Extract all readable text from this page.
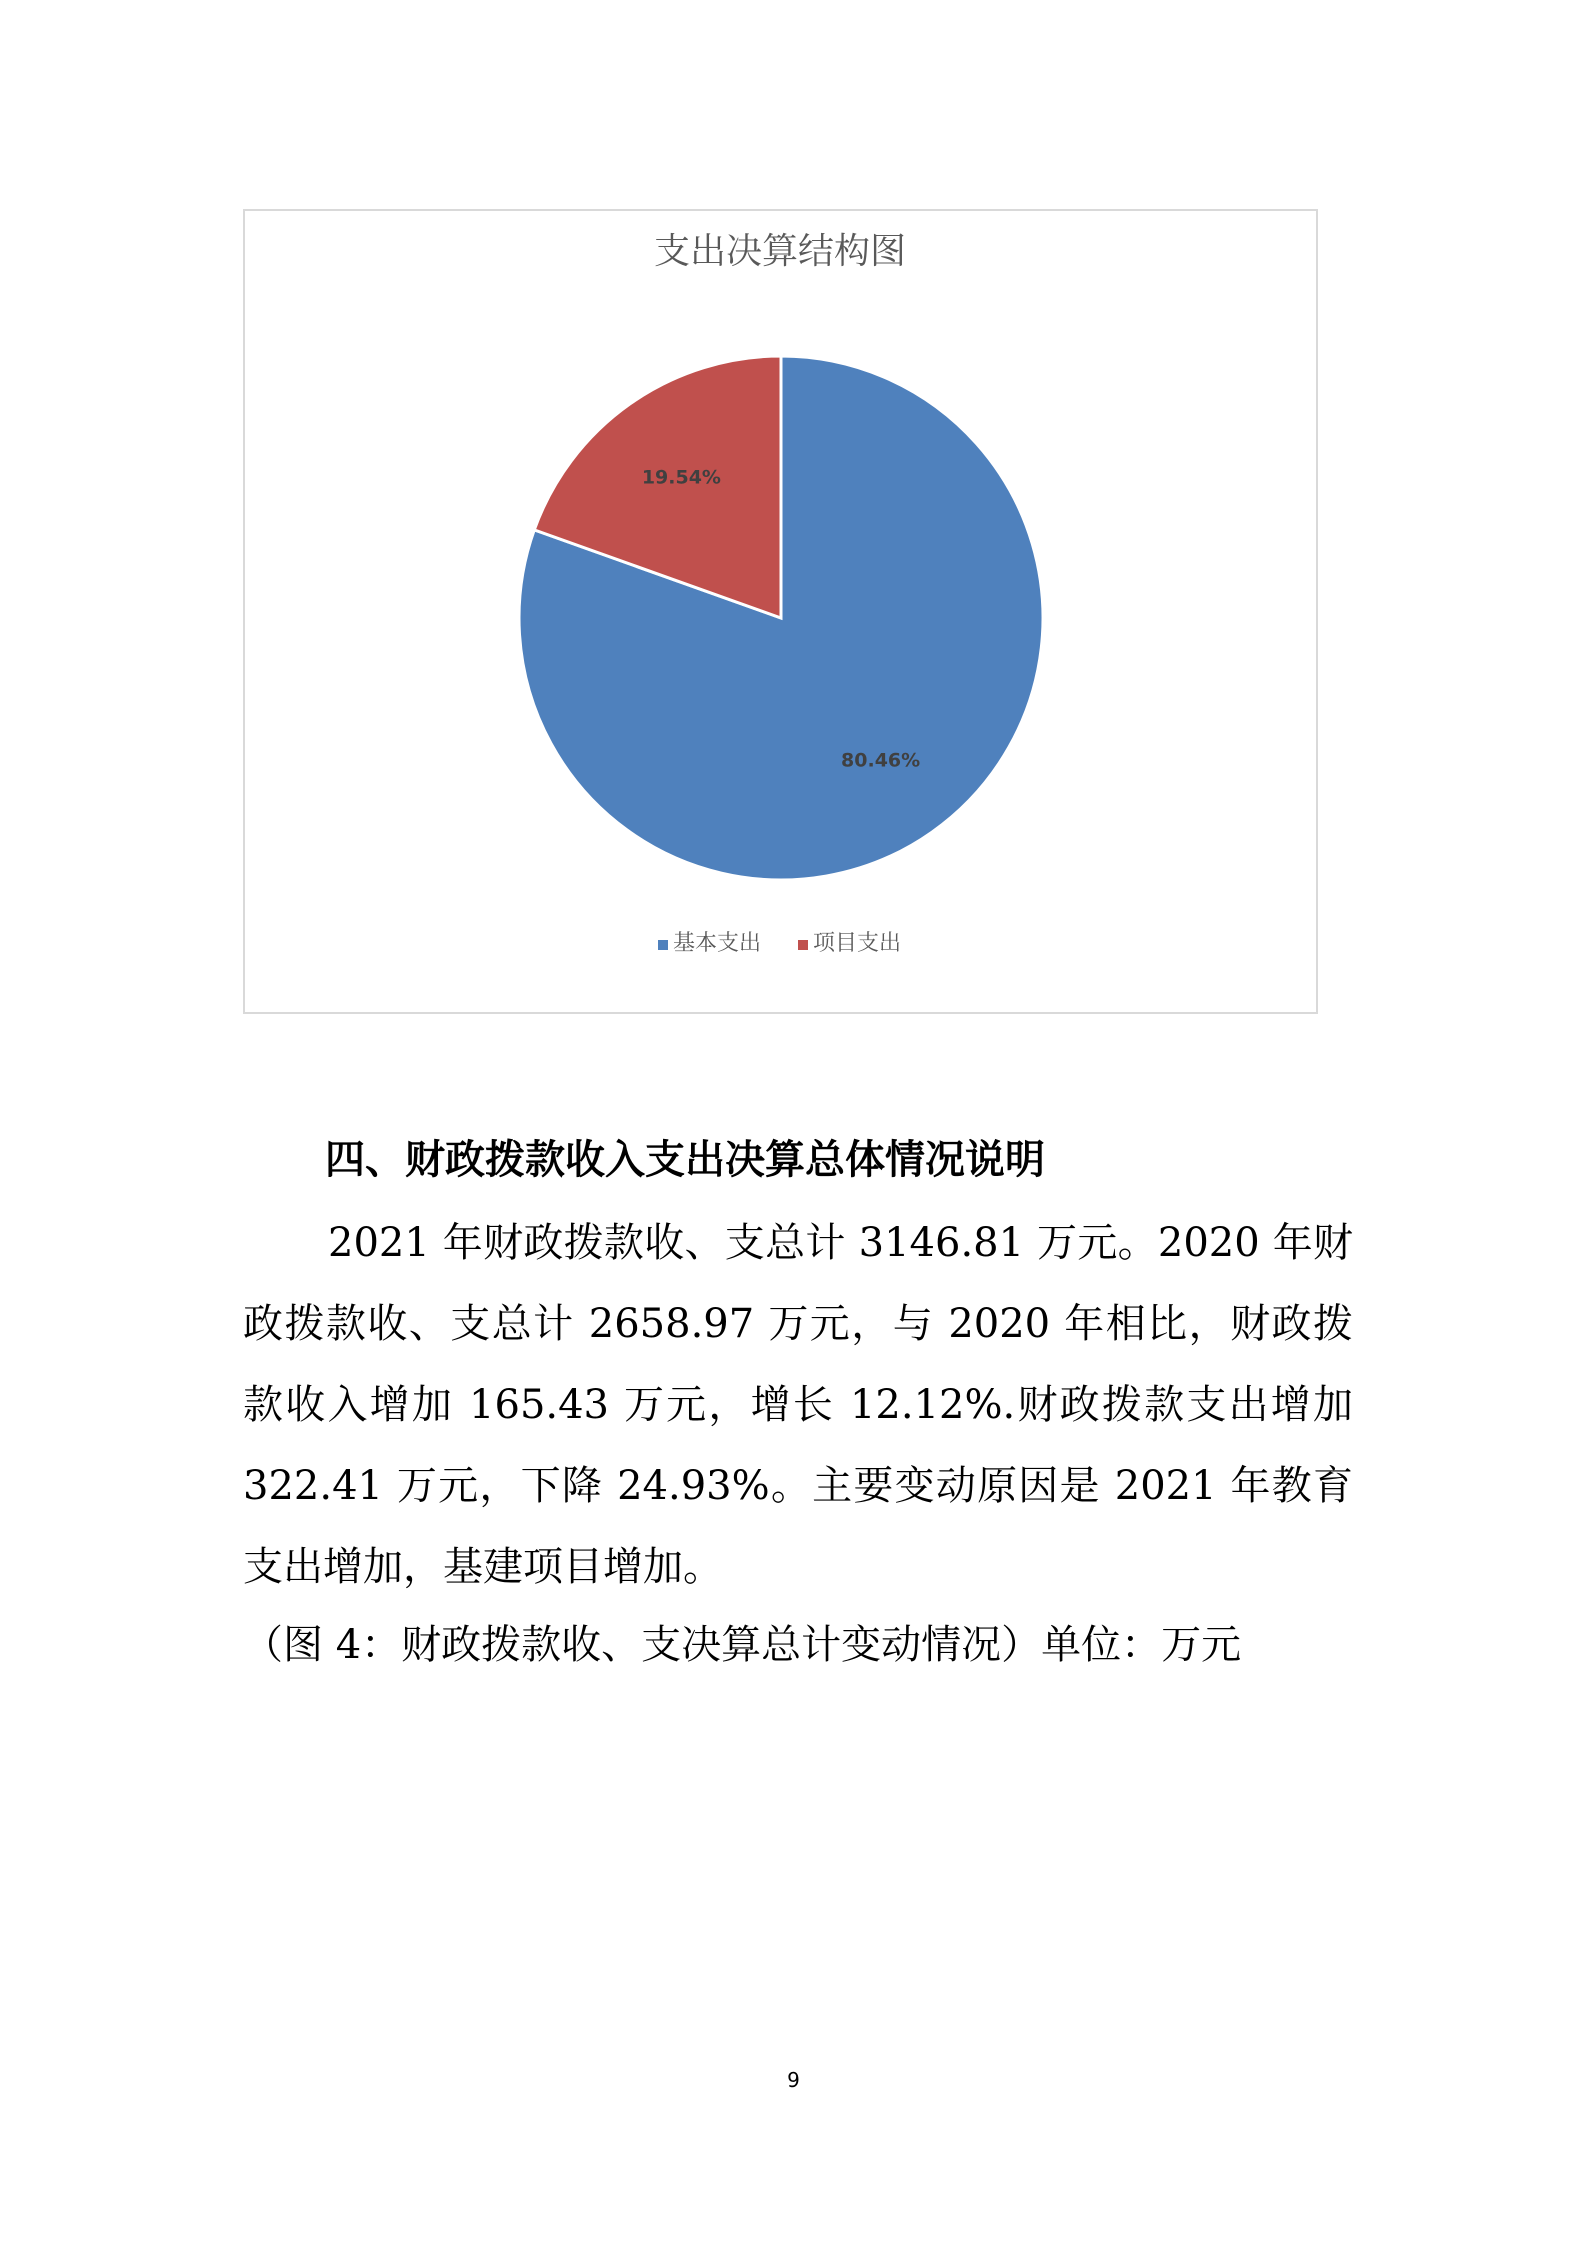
支出决算结构图
80.46%
19.54%
基本支出 项目支出
四、财政拨款收入支出决算总体情况说明

2021 年财政拨款收、支总计 3146.81 万元。2020 年财政拨款收、支总计 2658.97 万元，与 2020 年相比，财政拨款收入增加 165.43 万元，增长 12.12%.财政拨款支出增加 322.41 万元，下降 24.93%。主要变动原因是 2021 年教育支出增加，基建项目增加。

（图 4：财政拨款收、支决算总计变动情况）单位：万元

9
